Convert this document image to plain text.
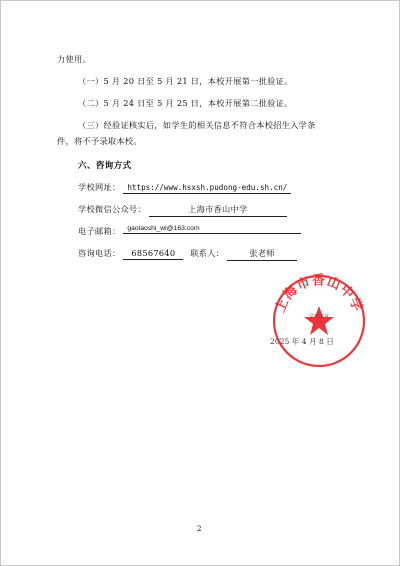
力使用。
（一）5 月 20 日至 5 月 21 日，本校开展第一批验证。
（二）5 月 24 日至 5 月 25 日，本校开展第二批验证。
（三）经验证核实后，如学生的相关信息不符合本校招生入学条
件，将不予录取本校。
六、咨询方式
学校网址： https://www.hsxsh.pudong-edu.sh.cn/
学校微信公众号：	上海市香山中学
电子邮箱： gaolaoshi_wl@163.com
咨询电话： 68567640 联系人：	张老师
2025 年 4 月 8 日
上海市香山中学
学校盖章
2
